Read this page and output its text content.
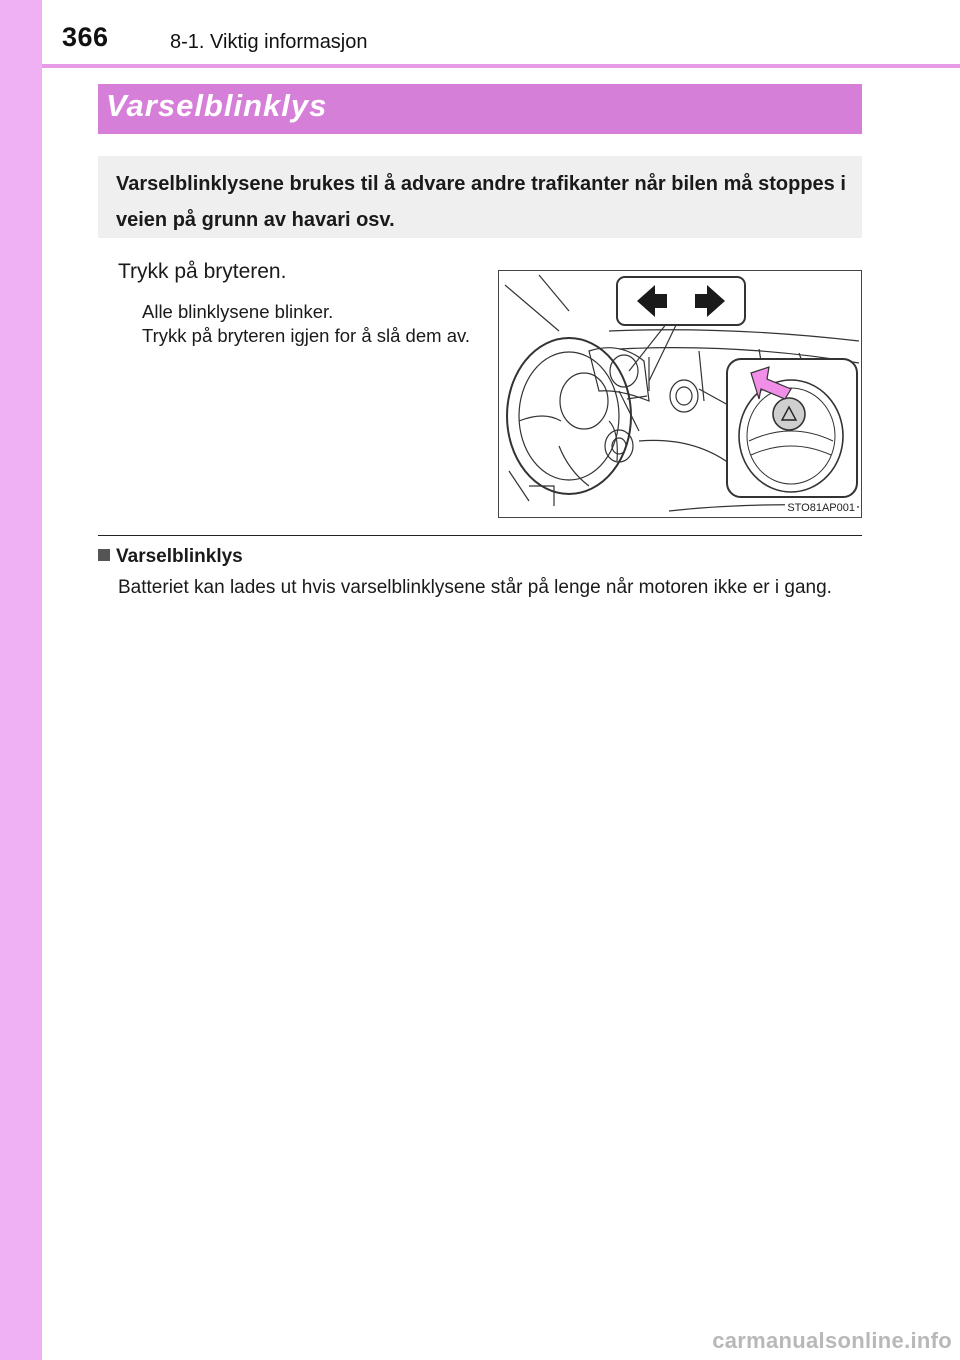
366	8-1. Viktig informasjon
Varselblinklys
Varselblinklysene brukes til å advare andre trafikanter når bilen må stoppes i veien på grunn av havari osv.
Trykk på bryteren.
Alle blinklysene blinker.
Trykk på bryteren igjen for å slå dem av.
STO81AP001
Varselblinklys
Batteriet kan lades ut hvis varselblinklysene står på lenge når motoren ikke er i gang.
carmanualsonline.info
